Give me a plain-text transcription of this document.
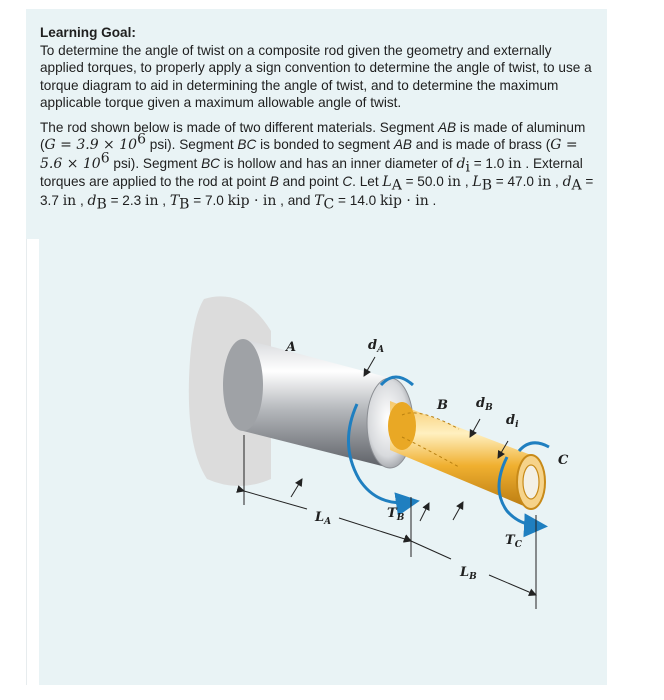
Learning Goal:
To determine the angle of twist on a composite rod given the geometry and externally applied torques, to properly apply a sign convention to determine the angle of twist, to use a torque diagram to aid in determining the angle of twist, and to determine the maximum applicable torque given a maximum allowable angle of twist.

The rod shown below is made of two different materials. Segment AB is made of aluminum ($G = 3.9 \times 10^6$ psi). Segment BC is bonded to segment AB and is made of brass ($G = 5.6 \times 10^6$ psi). Segment BC is hollow and has an inner diameter of $d_i = 1.0$ in . External torques are applied to the rod at point B and point C. Let $L_A = 50.0$ in , $L_B = 47.0$ in , $d_A = 3.7$ in , $d_B = 2.3$ in , $T_B = 7.0$ kip · in , and $T_C = 14.0$ kip · in .

A	$d_A$
B $d_B$
$d_i$
C
$T_B$
$T_C$
$L_A$
$L_B$
